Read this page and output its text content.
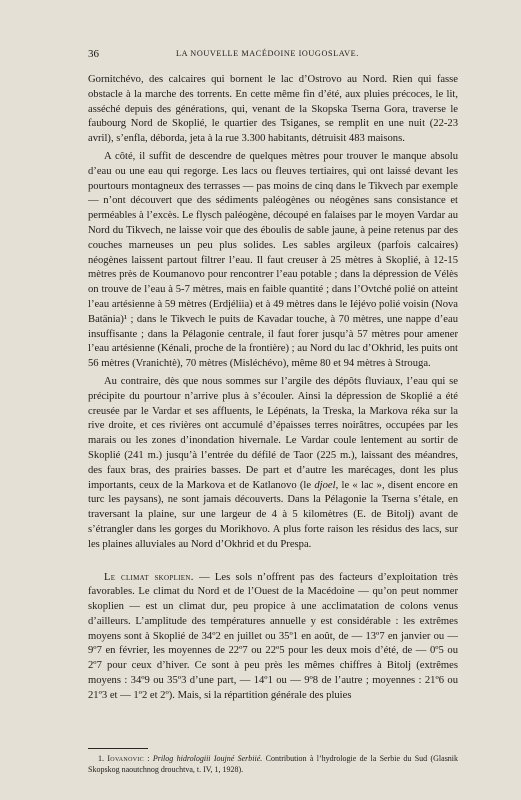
36	LA NOUVELLE MACÉDOINE IOUGOSLAVE.

Gornitchévo, des calcaires qui bornent le lac d’Ostrovo au Nord. Rien qui fasse obstacle à la marche des torrents. En cette même fin d’été, aux pluies précoces, le lit, asséché depuis des générations, qui, venant de la Skopska Tserna Gora, traverse le faubourg Nord de Skoplié, le quartier des Tsiganes, se remplit en une nuit (22-23 avril), s’enfla, déborda, jeta à la rue 3.300 habitants, détruisit 483 maisons.

A côté, il suffit de descendre de quelques mètres pour trouver le manque absolu d’eau ou une eau qui regorge. Les lacs ou fleuves tertiaires, qui ont laissé devant les pourtours montagneux des terrasses — pas moins de cinq dans le Tikvech par exemple — n’ont découvert que des sédiments paléogènes ou néogènes sans consistance et perméables à l’excès. Le flysch paléogène, découpé en falaises par le moyen Vardar au Nord du Tikvech, ne laisse voir que des éboulis de sable jaune, à peine retenus par des couches marneuses un peu plus solides. Les sables argileux (parfois calcaires) néogènes laissent partout filtrer l’eau. Il faut creuser à 25 mètres à Skoplié, à 12-15 mètres près de Koumanovo pour rencontrer l’eau potable ; dans la dépression de Vélès on trouve de l’eau à 5-7 mètres, mais en faible quantité ; dans l’Ovtché polié on atteint l’eau artésienne à 59 mètres (Erdjéliia) et à 49 mètres dans le Iéjévo polié voisin (Nova Batänia)¹ ; dans le Tikvech le puits de Kavadar touche, à 70 mètres, une nappe d’eau insuffisante ; dans la Pélagonie centrale, il faut forer jusqu’à 57 mètres pour amener l’eau artésienne (Kénali, proche de la frontière) ; au Nord du lac d’Okhrid, les puits ont 56 mètres (Vranichtè), 70 mètres (Misléchévo), même 80 et 94 mètres à Strouga.

Au contraire, dès que nous sommes sur l’argile des dépôts fluviaux, l’eau qui se précipite du pourtour n’arrive plus à s’écouler. Ainsi la dépression de Skoplié a été creusée par le Vardar et ses affluents, le Lépénats, la Treska, la Markova réka sur la rive droite, et ces rivières ont accumulé d’épaisses terres noirâtres, occupées par les marais ou les zones d’inondation hivernale. Le Vardar coule lentement au sortir de Skoplié (241 m.) jusqu’à l’entrée du défilé de Taor (225 m.), laissant des méandres, des faux bras, des prairies basses. De part et d’autre les marécages, dont les plus importants, ceux de la Markova et de Katlanovo (le djoel, le « lac », disent encore en turc les paysans), ne sont jamais découverts. Dans la Pélagonie la Tserna s’étale, en traversant la plaine, sur une largeur de 4 à 5 kilomètres (E. de Bitolj) avant de s’étrangler dans les gorges du Morikhovo. A plus forte raison les résidus des lacs, sur les plaines alluviales au Nord d’Okhrid et du Prespa.

Le climat skoplien. — Les sols n’offrent pas des facteurs d’exploitation très favorables. Le climat du Nord et de l’Ouest de la Macédoine — qu’on peut nommer skoplien — est un climat dur, peu propice à une acclimatation de colons venus d’ailleurs. L’amplitude des températures annuelle y est considérable : les extrêmes moyens sont à Skoplié de 34º2 en juillet ou 35º1 en août, de — 13º7 en janvier ou — 9º7 en février, les moyennes de 22º7 ou 22º5 pour les deux mois d’été, de — 0º5 ou 2º7 pour ceux d’hiver. Ce sont à peu près les mêmes chiffres à Bitolj (extrêmes moyens : 34º9 ou 35º3 d’une part, — 14º1 ou — 9º8 de l’autre ; moyennes : 21º6 ou 21º3 et — 1º2 et 2º). Mais, si la répartition générale des pluies

1. Iovanovic : Prilog hidrologiii Ioujné Serbiié. Contribution à l’hydrologie de la Serbie du Sud (Glasnik Skopskog naoutchnog drouchtva, t. IV, 1, 1928).
